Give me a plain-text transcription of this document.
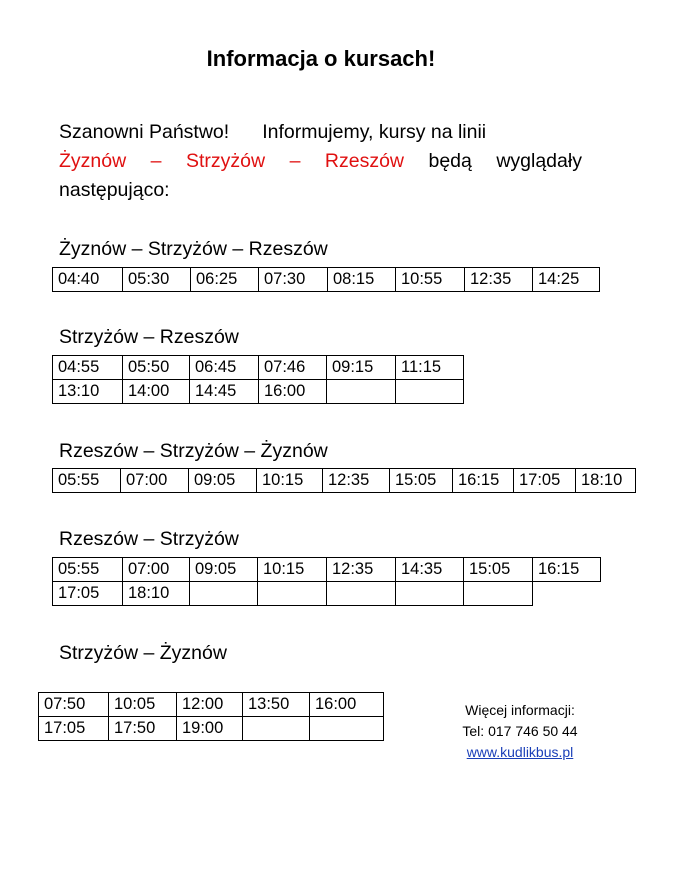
Informacja o kursach!
Szanowni Państwo! Informujemy, kursy na linii
Żyznów – Strzyżów – Rzeszów będą wyglądały
następująco:
Żyznów – Strzyżów – Rzeszów
04:40	05:30	06:25	07:30	08:15	10:55	12:35	14:25
Strzyżów – Rzeszów
04:55	05:50	06:45	07:46	09:15	11:15
13:10	14:00	14:45	16:00		
Rzeszów – Strzyżów – Żyznów
05:55	07:00	09:05	10:15	12:35	15:05	16:15	17:05	18:10
Rzeszów – Strzyżów
05:55	07:00	09:05	10:15	12:35	14:35	15:05	16:15
17:05	18:10						
Strzyżów – Żyznów
07:50	10:05	12:00	13:50	16:00
17:05	17:50	19:00		
Więcej informacji:
Tel: 017 746 50 44
www.kudlikbus.pl
